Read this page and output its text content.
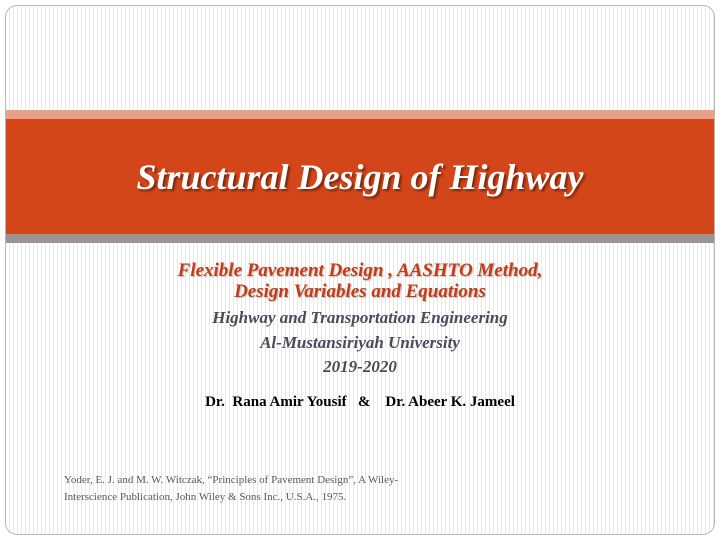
Structural Design of Highway
Flexible Pavement Design , AASHTO Method,
Design Variables and Equations
Highway and Transportation Engineering
Al-Mustansiriyah University
2019-2020
Dr.  Rana Amir Yousif   &    Dr. Abeer K. Jameel
Yoder, E. J. and M. W. Witczak, “Principles of Pavement Design”, A Wiley-
Interscience Publication, John Wiley & Sons Inc., U.S.A., 1975.
